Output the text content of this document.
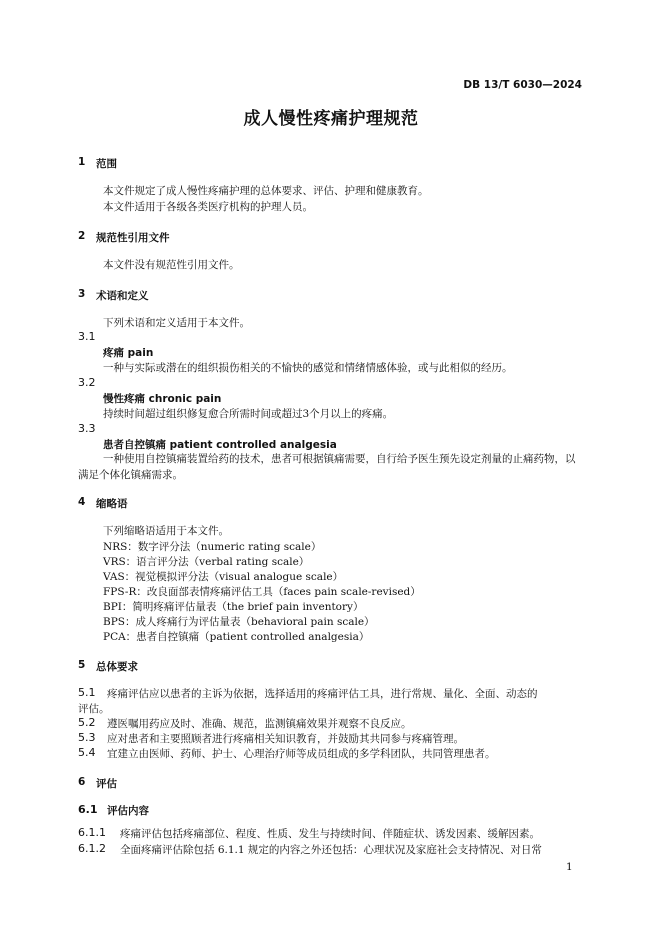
DB 13/T 6030—2024
成人慢性疼痛护理规范
1 范围
本文件规定了成人慢性疼痛护理的总体要求、评估、护理和健康教育。
本文件适用于各级各类医疗机构的护理人员。
2 规范性引用文件
本文件没有规范性引用文件。
3 术语和定义
下列术语和定义适用于本文件。
3.1
疼痛 pain
一种与实际或潜在的组织损伤相关的不愉快的感觉和情绪情感体验，或与此相似的经历。
3.2
慢性疼痛 chronic pain
持续时间超过组织修复愈合所需时间或超过3个月以上的疼痛。
3.3
患者自控镇痛 patient controlled analgesia
一种使用自控镇痛装置给药的技术，患者可根据镇痛需要，自行给予医生预先设定剂量的止痛药物，以满足个体化镇痛需求。
4 缩略语
下列缩略语适用于本文件。
NRS：数字评分法（numeric rating scale）
VRS：语言评分法（verbal rating scale）
VAS：视觉模拟评分法（visual analogue scale）
FPS-R：改良面部表情疼痛评估工具（faces pain scale-revised）
BPI：简明疼痛评估量表（the brief pain inventory）
BPS：成人疼痛行为评估量表（behavioral pain scale）
PCA：患者自控镇痛（patient controlled analgesia）
5 总体要求
5.1 疼痛评估应以患者的主诉为依据，选择适用的疼痛评估工具，进行常规、量化、全面、动态的
评估。
5.2 遵医嘱用药应及时、准确、规范，监测镇痛效果并观察不良反应。
5.3 应对患者和主要照顾者进行疼痛相关知识教育，并鼓励其共同参与疼痛管理。
5.4 宜建立由医师、药师、护士、心理治疗师等成员组成的多学科团队，共同管理患者。
6 评估
6.1 评估内容
6.1.1 疼痛评估包括疼痛部位、程度、性质、发生与持续时间、伴随症状、诱发因素、缓解因素。
6.1.2 全面疼痛评估除包括 6.1.1 规定的内容之外还包括：心理状况及家庭社会支持情况、对日常
1
